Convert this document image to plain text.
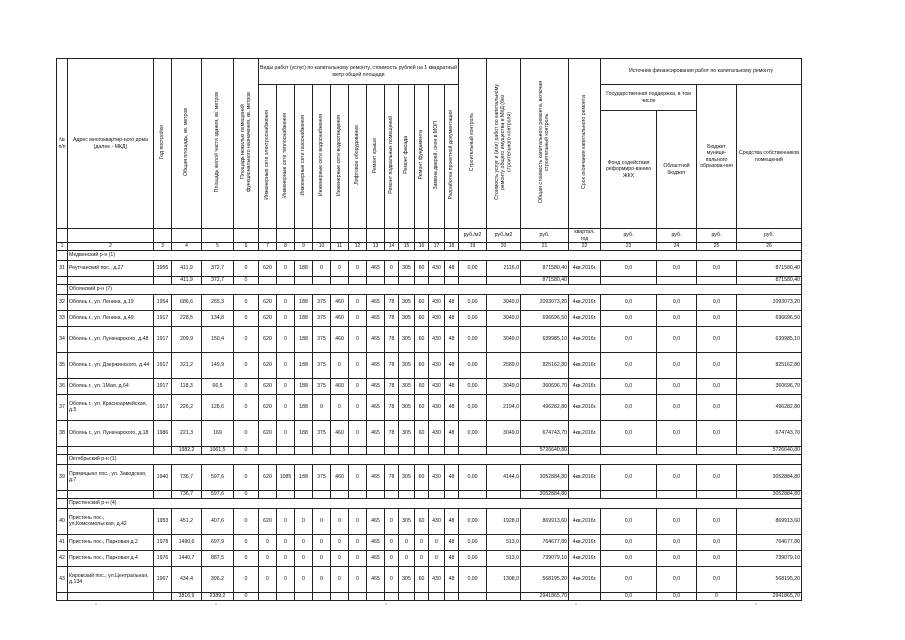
№ п/п	Адрес многоквартир-ного дома (далее - МКД)	Год постройки	Общая площадь, кв. метров	Площадь жилой части здания, кв. метров	Площадь нежилых помещений функционального назначения, кв. метров	Виды работ (услуг) по капитальному ремонту, стоимость рублей на 1 квадратный метр общей площади												Строительный контроль	Стоимость услуг и (или) работ по капитальному ремонту общего имущества в МКД (без строительного контроля)	Общая стоимость капитального ремонта, включая строительный контроль	Срок окончания капитального ремонта	Источник финансирования работ по капитальному ремонту			
						Инженерные сети электроснабжения	Инженерные сети теплоснабжения	Инженерные сети газоснабжения	Инженерные сети водоснабжения	Инженерные сети водоотведения	Лифтовое оборудование	Ремонт крыши	Ремонт подвальных помещений	Ремонт фасада	Ремонт фундамента	Замена дверей, окон в МОП	Разработка проектной документации					Государственная поддержка, в том числе		Бюджет муници-пального образова-ния	Средства собственников помещений
																						Фонд содействия реформиро-ванию ЖКХ	Областной бюджет		
																		руб./м2	руб./м2	руб.	квартал, год	руб.	руб.	руб.	руб.
1	2	3	4	5	6	7	8	9	10	11	12	13	14	15	16	17	18	19	20	21	22	23	24	25	26
	Медвенский р-н (1)																								
31	Реутчанский пос., д.27	1956	411,9	372,7	0	620	0	188	0	0	0	465	0	305	60	430	48	0,00	2116,0	871580,40	4кв.2016г.	0,0	0,0	0,0	871580,40
			411,9	372,7	0															871580,40					871580,40
	Обоянский р-н (7)																								
32	Обоянь г., ул. Ленина, д.19	1954	686,6	265,3	0	620	0	188	375	460	0	465	78	305	60	430	48	0,00	3049,0	2093073,20	4кв.2016г.	0,0	0,0	0,0	2093073,20
33	Обоянь г., ул. Ленина, д.49	1917	228,5	134,8	0	620	0	188	375	460	0	465	78	305	60	430	48	0,00	3049,0	696696,50	4кв.2016г.	0,0	0,0	0,0	696696,50
34	Обоянь г., ул. Луначарского, д.48	1917	209,9	150,4	0	620	0	188	375	460	0	465	78	305	60	430	48	0,00	3049,0	639985,10	4кв.2016г.	0,0	0,0	0,0	639985,10
35	Обоянь г., ул. Дзержинского, д.44	1917	321,2	149,9	0	620	0	188	375	0	0	465	78	305	60	430	48	0,00	2589,0	825162,80	4кв.2016г.	0,0	0,0	0,0	825162,80
36	Обоянь г., ул. 1Мая, д.64	1917	118,3	66,5	0	620	0	188	375	460	0	465	78	305	60	430	48	0,00	3049,0	360696,70	4кв.2016г.	0,0	0,0	0,0	360696,70
37	Обоянь г., ул. Красноармейская, д.5	1917	226,2	128,6	0	620	0	188	0	0	0	465	78	305	60	430	48	0,00	2194,0	496282,80	4кв.2016г.	0,0	0,0	0,0	496282,80
38	Обоянь г., ул. Луначарского, д.18	1986	221,3	169	0	620	0	188	375	460	0	465	78	305	60	430	48	0,00	3049,0	674743,70	4кв.2016г.	0,0	0,0	0,0	674743,70
			1982,2	1061,5	0															5726640,80					5726640,80
	Октябрьский р-н (1)																								
39	Прямицыно пос., ул. Заводская, д.7	1940	736,7	597,6	0	620	1085	188	375	460	0	465	78	305	60	430	48	0,00	4144,0	3052884,80	4кв.2016г.	0,0	0,0	0,0	3052884,80
			736,7	597,6	0															3052884,80					3052884,80
	Пристенский р-н (4)																								
40	Пристень пос., ул.Комсомольская, д.42	1953	451,2	407,6	0	620	0	0	0	0	0	465	0	305	60	430	48	0,00	1928,0	869913,60	4кв.2016г.	0,0	0,0	0,0	869913,60
41	Пристень пос., Парковая д.2	1978	1490,6	697,9	0	0	0	0	0	0	0	465	0	0	0	0	48	0,00	513,0	764677,80	4кв.2016г.	0,0	0,0	0,0	764677,80
42	Пристень пос., Парковая д.4	1976	1440,7	887,5	0	0	0	0	0	0	0	465	0	0	0	0	48	0,00	513,0	739079,10	4кв.2016г.	0,0	0,0	0,0	739079,10
43	Кировский пос., ул.Центральная, д.134	1967	434,4	396,2	0	0	0	0	0	0	0	465	0	305	60	430	48	0,00	1308,0	568195,20	4кв.2016г.	0,0	0,0	0,0	568195,20
			3816,9	2389,2	0															2941865,70		0,0	0,0	0	2941865,70
